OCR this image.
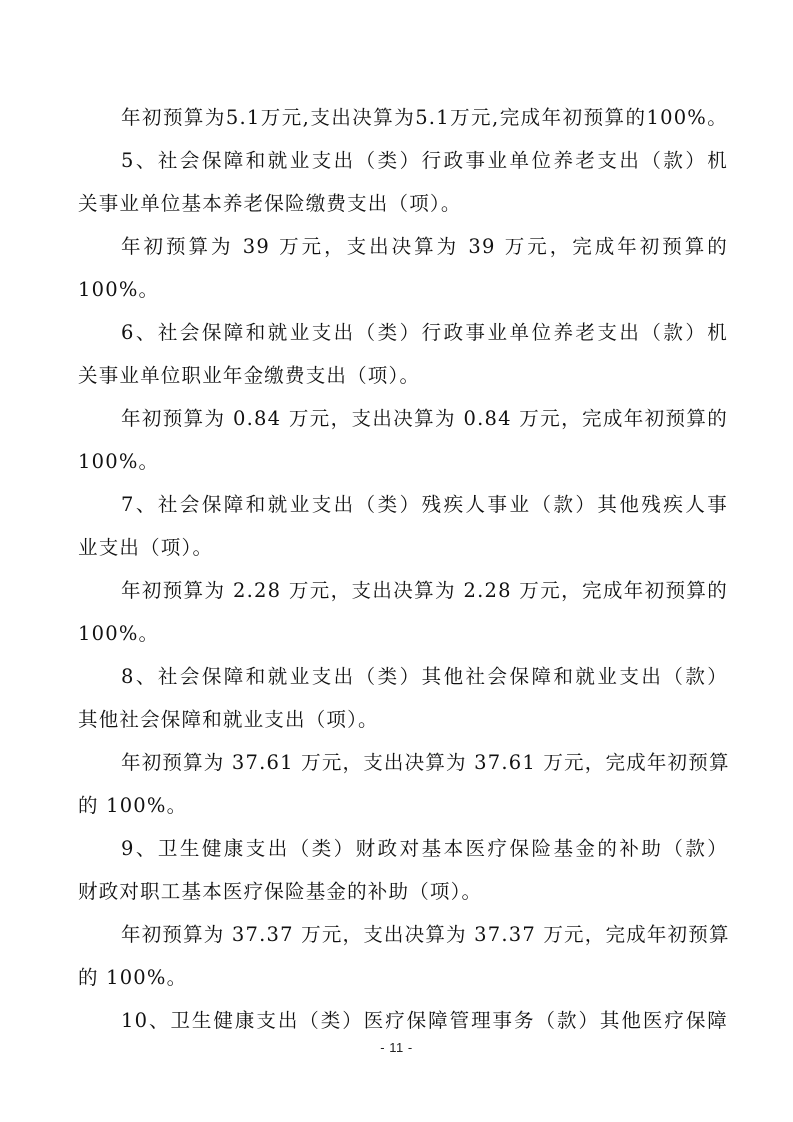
年初预算为5.1万元,支出决算为5.1万元,完成年初预算的100%。
5、社会保障和就业支出（类）行政事业单位养老支出（款）机
关事业单位基本养老保险缴费支出（项）。
年初预算为 39 万元，支出决算为 39 万元，完成年初预算的
100%。
6、社会保障和就业支出（类）行政事业单位养老支出（款）机
关事业单位职业年金缴费支出（项）。
年初预算为 0.84 万元，支出决算为 0.84 万元，完成年初预算的
100%。
7、社会保障和就业支出（类）残疾人事业（款）其他残疾人事
业支出（项）。
年初预算为 2.28 万元，支出决算为 2.28 万元，完成年初预算的
100%。
8、社会保障和就业支出（类）其他社会保障和就业支出（款）
其他社会保障和就业支出（项）。
年初预算为 37.61 万元，支出决算为 37.61 万元，完成年初预算
的 100%。
9、卫生健康支出（类）财政对基本医疗保险基金的补助（款）
财政对职工基本医疗保险基金的补助（项）。
年初预算为 37.37 万元，支出决算为 37.37 万元，完成年初预算
的 100%。
10、卫生健康支出（类）医疗保障管理事务（款）其他医疗保障
- 11 -
